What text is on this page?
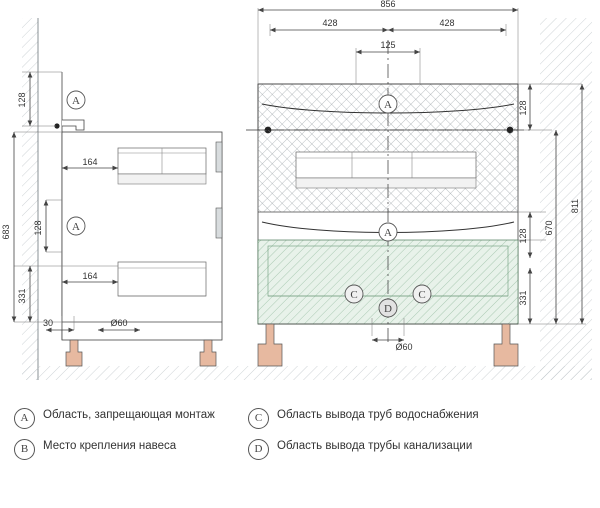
A
A
128
683
331
128
164
164
30	Ø60
A
A
C	C
D
856
428	428
125
128
128
331
670
811
Ø60
A	Область, запрещающая монтаж
B	Место крепления навеса
C	Область вывода труб водоснабжения
D	Область вывода трубы канализации
